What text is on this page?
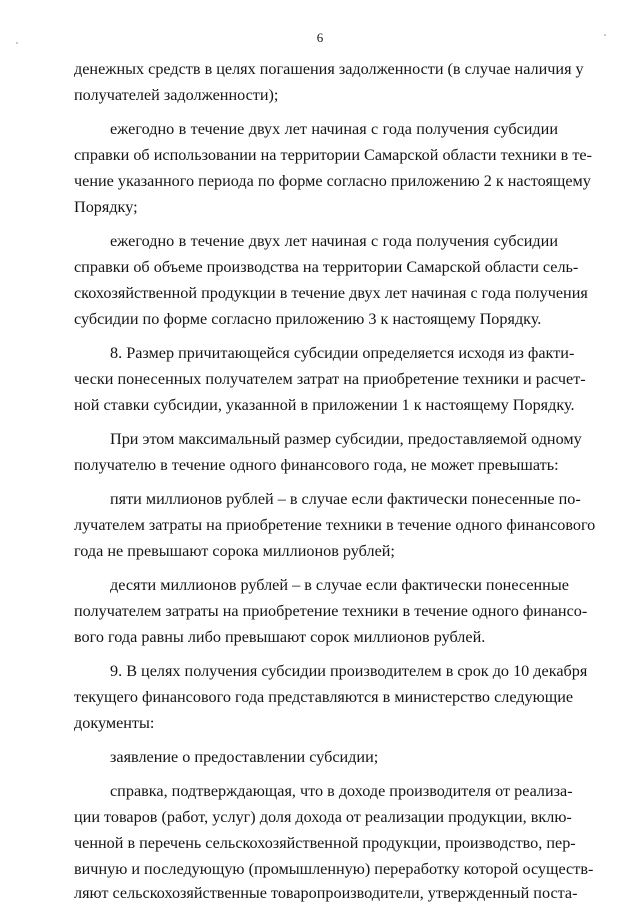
6
денежных средств в целях погашения задолженности (в случае наличия у
получателей задолженности);
ежегодно в течение двух лет начиная с года получения субсидии
справки об использовании на территории Самарской области техники в те-
чение указанного периода по форме согласно приложению 2 к настоящему
Порядку;
ежегодно в течение двух лет начиная с года получения субсидии
справки об объеме производства на территории Самарской области сель-
скохозяйственной продукции в течение двух лет начиная с года получения
субсидии по форме согласно приложению 3 к настоящему Порядку.
8. Размер причитающейся субсидии определяется исходя из факти-
чески понесенных получателем затрат на приобретение техники и расчет-
ной ставки субсидии, указанной в приложении 1 к настоящему Порядку.
При этом максимальный размер субсидии, предоставляемой одному
получателю в течение одного финансового года, не может превышать:
пяти миллионов рублей – в случае если фактически понесенные по-
лучателем затраты на приобретение техники в течение одного финансового
года не превышают сорока миллионов рублей;
десяти миллионов рублей – в случае если фактически понесенные
получателем затраты на приобретение техники в течение одного финансо-
вого года равны либо превышают сорок миллионов рублей.
9. В целях получения субсидии производителем в срок до 10 декабря
текущего финансового года представляются в министерство следующие
документы:
заявление о предоставлении субсидии;
справка, подтверждающая, что в доходе производителя от реализа-
ции товаров (работ, услуг) доля дохода от реализации продукции, вклю-
ченной в перечень сельскохозяйственной продукции, производство, пер-
вичную и последующую (промышленную) переработку которой осуществ-
ляют сельскохозяйственные товаропроизводители, утвержденный поста-
